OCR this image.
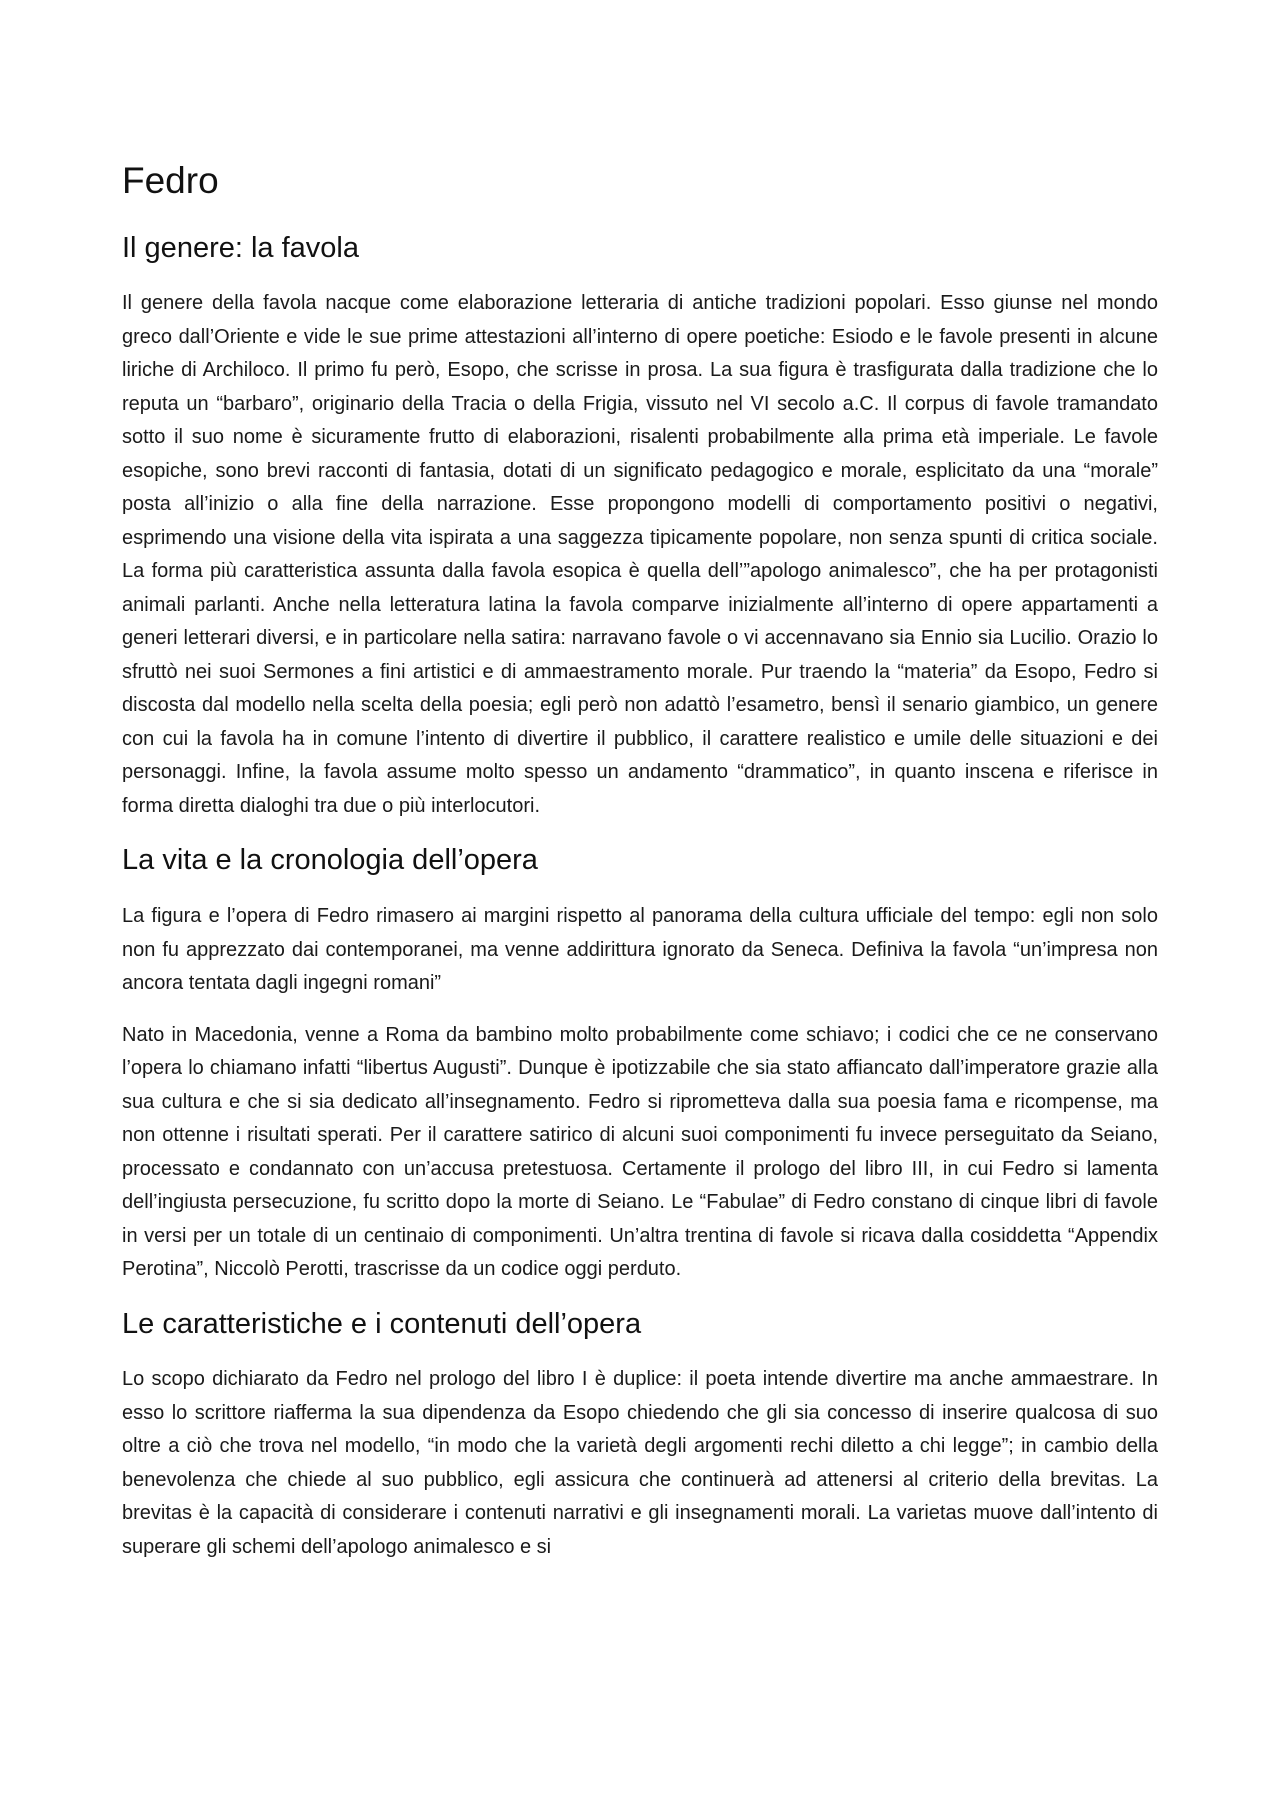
Fedro
Il genere: la favola

Il genere della favola nacque come elaborazione letteraria di antiche tradizioni popolari. Esso giunse nel mondo greco dall’Oriente e vide le sue prime attestazioni all’interno di opere poetiche: Esiodo e le favole presenti in alcune liriche di Archiloco. Il primo fu però, Esopo, che scrisse in prosa. La sua figura è trasfigurata dalla tradizione che lo reputa un “barbaro”, originario della Tracia o della Frigia, vissuto nel VI secolo a.C. Il corpus di favole tramandato sotto il suo nome è sicuramente frutto di elaborazioni, risalenti probabilmente alla prima età imperiale. Le favole esopiche, sono brevi racconti di fantasia, dotati di un significato pedagogico e morale, esplicitato da una “morale” posta all’inizio o alla fine della narrazione. Esse propongono modelli di comportamento positivi o negativi, esprimendo una visione della vita ispirata a una saggezza tipicamente popolare, non senza spunti di critica sociale. La forma più caratteristica assunta dalla favola esopica è quella dell’”apologo animalesco”, che ha per protagonisti animali parlanti. Anche nella letteratura latina la favola comparve inizialmente all’interno di opere appartamenti a generi letterari diversi, e in particolare nella satira: narravano favole o vi accennavano sia Ennio sia Lucilio. Orazio lo sfruttò nei suoi Sermones a fini artistici e di ammaestramento morale. Pur traendo la “materia” da Esopo, Fedro si discosta dal modello nella scelta della poesia; egli però non adattò l’esametro, bensì il senario giambico, un genere con cui la favola ha in comune l’intento di divertire il pubblico, il carattere realistico e umile delle situazioni e dei personaggi. Infine, la favola assume molto spesso un andamento “drammatico”, in quanto inscena e riferisce in forma diretta dialoghi tra due o più interlocutori.

La vita e la cronologia dell’opera

La figura e l’opera di Fedro rimasero ai margini rispetto al panorama della cultura ufficiale del tempo: egli non solo non fu apprezzato dai contemporanei, ma venne addirittura ignorato da Seneca. Definiva la favola “un’impresa non ancora tentata dagli ingegni romani”

Nato in Macedonia, venne a Roma da bambino molto probabilmente come schiavo; i codici che ce ne conservano l’opera lo chiamano infatti “libertus Augusti”. Dunque è ipotizzabile che sia stato affiancato dall’imperatore grazie alla sua cultura e che si sia dedicato all’insegnamento. Fedro si riprometteva dalla sua poesia fama e ricompense, ma non ottenne i risultati sperati. Per il carattere satirico di alcuni suoi componimenti fu invece perseguitato da Seiano, processato e condannato con un’accusa pretestuosa. Certamente il prologo del libro III, in cui Fedro si lamenta dell’ingiusta persecuzione, fu scritto dopo la morte di Seiano. Le “Fabulae” di Fedro constano di cinque libri di favole in versi per un totale di un centinaio di componimenti. Un’altra trentina di favole si ricava dalla cosiddetta “Appendix Perotina”, Niccolò Perotti, trascrisse da un codice oggi perduto.

Le caratteristiche e i contenuti dell’opera

Lo scopo dichiarato da Fedro nel prologo del libro I è duplice: il poeta intende divertire ma anche ammaestrare. In esso lo scrittore riafferma la sua dipendenza da Esopo chiedendo che gli sia concesso di inserire qualcosa di suo oltre a ciò che trova nel modello, “in modo che la varietà degli argomenti rechi diletto a chi legge”; in cambio della benevolenza che chiede al suo pubblico, egli assicura che continuerà ad attenersi al criterio della brevitas. La brevitas è la capacità di considerare i contenuti narrativi e gli insegnamenti morali. La varietas muove dall’intento di superare gli schemi dell’apologo animalesco e si
